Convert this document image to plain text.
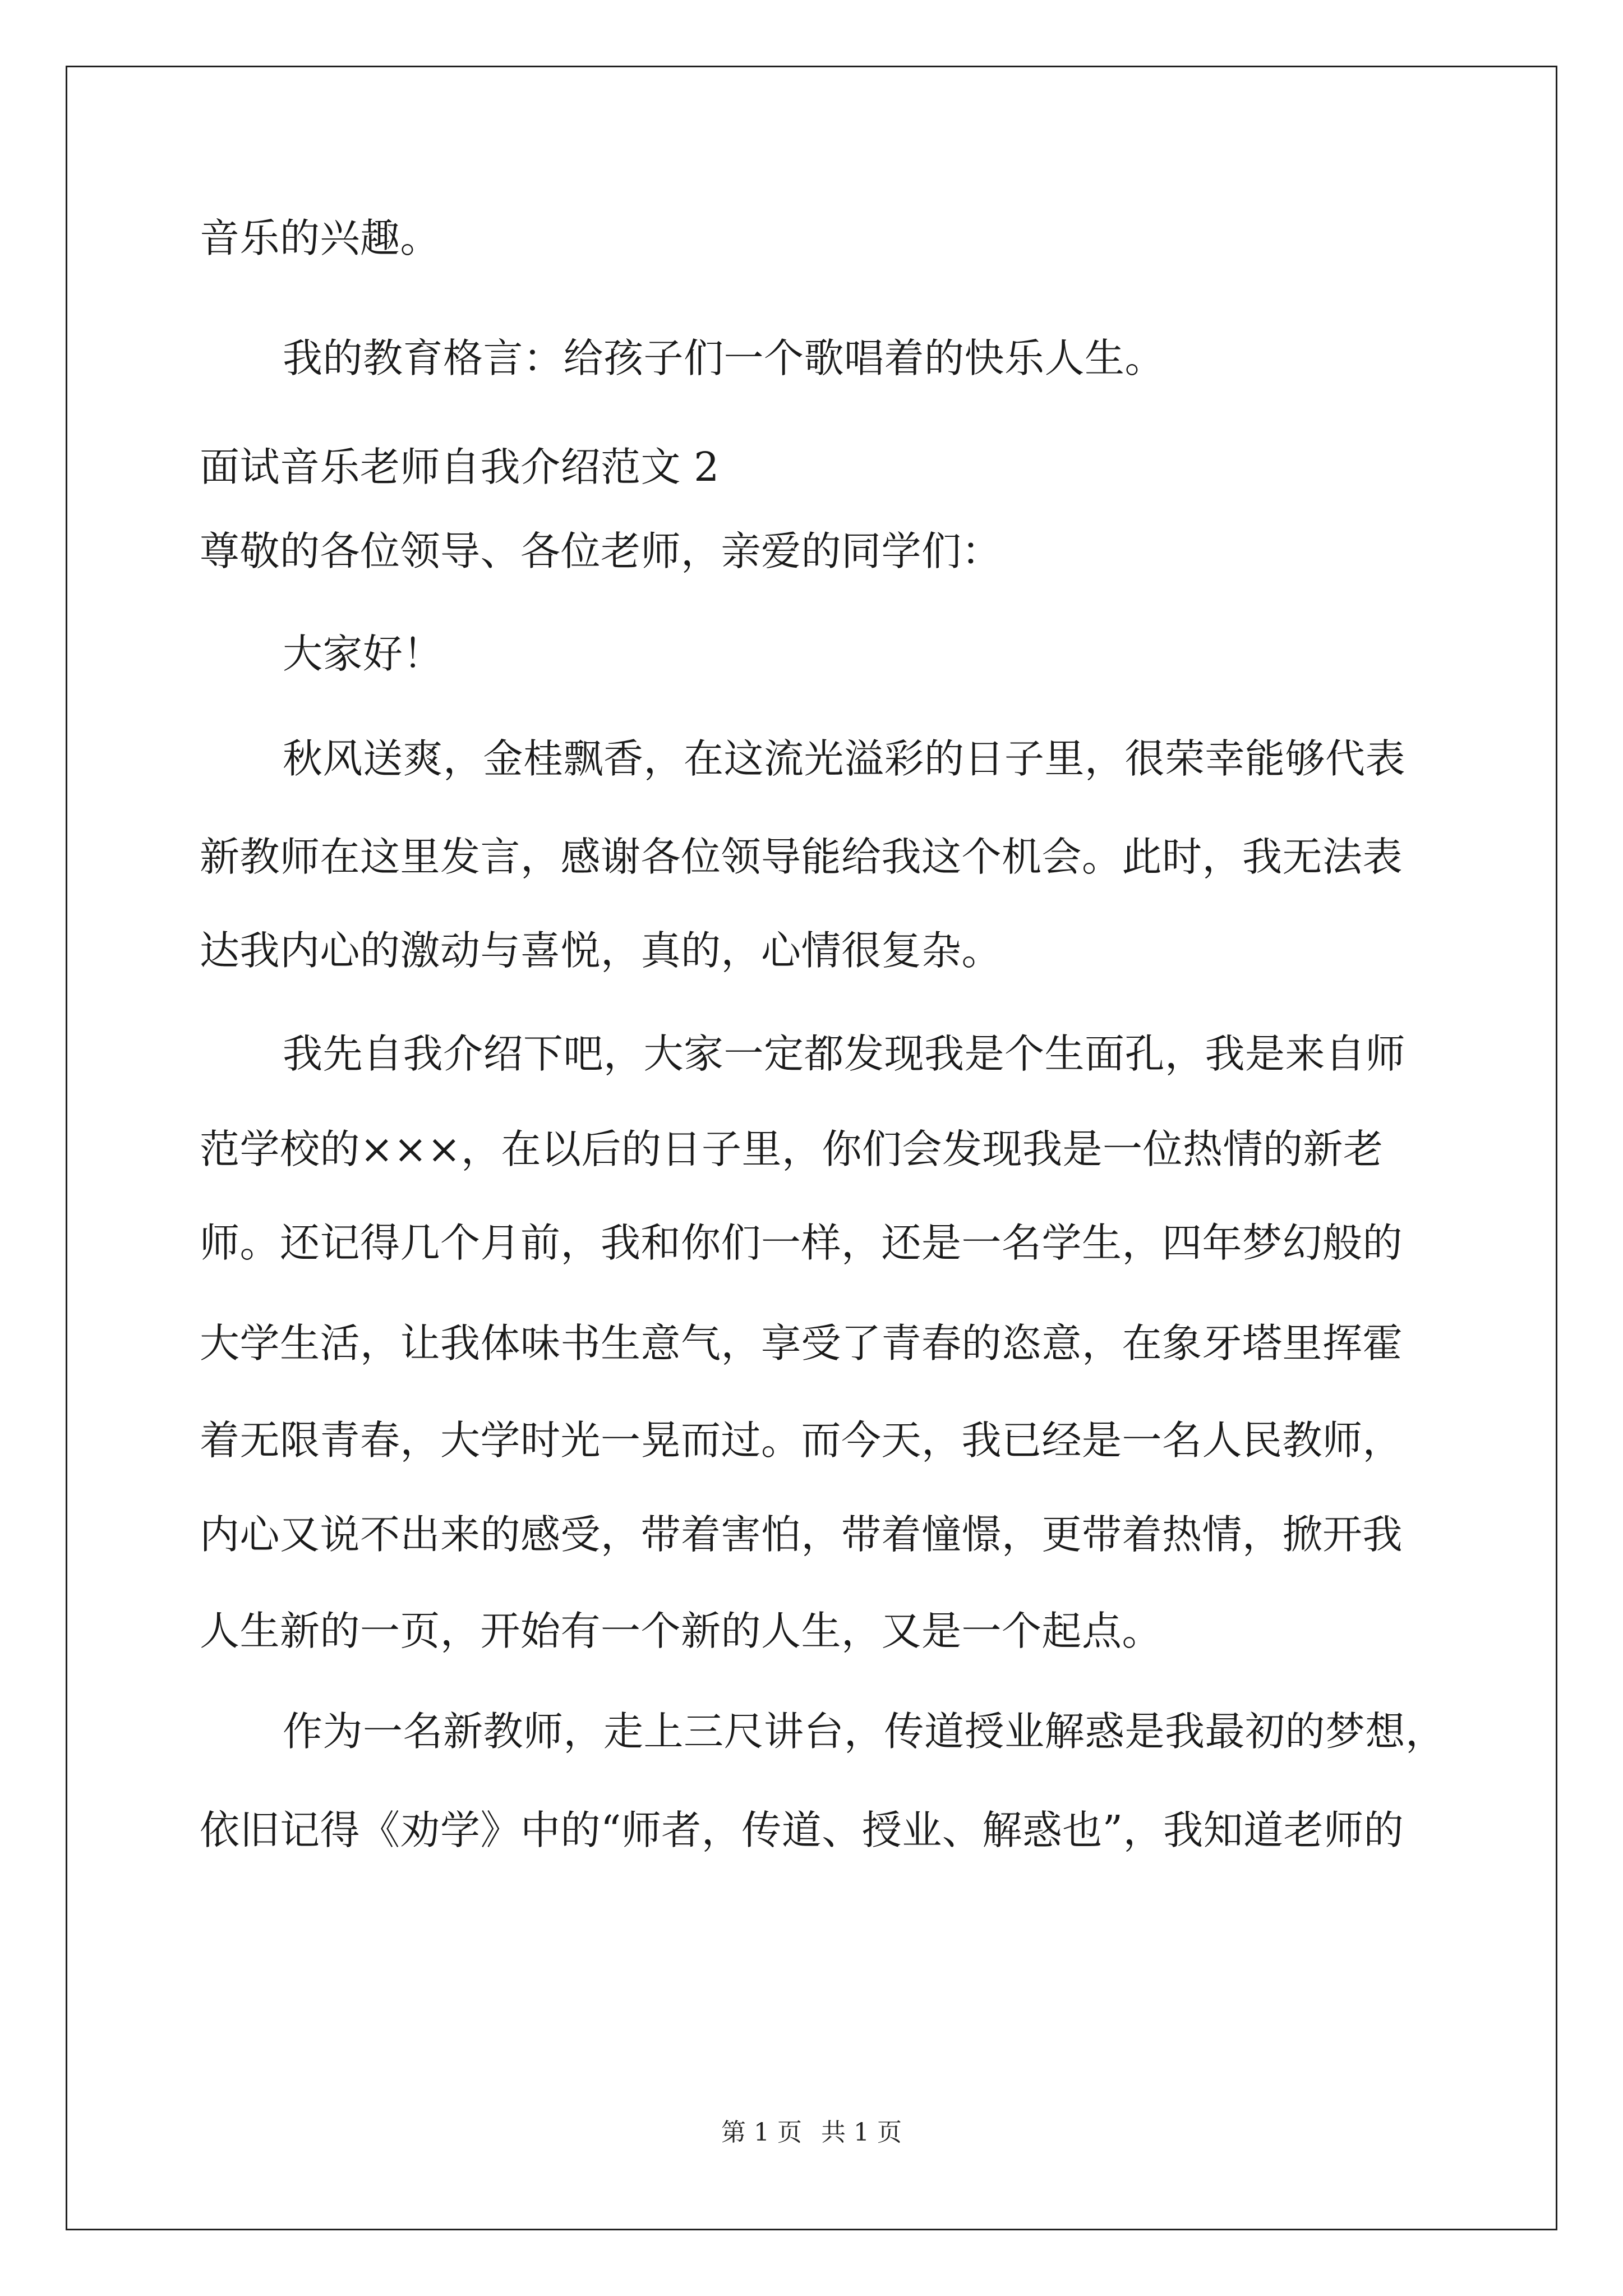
音乐的兴趣。
我的教育格言：给孩子们一个歌唱着的快乐人生。
面试音乐老师自我介绍范文 2
尊敬的各位领导、各位老师，亲爱的同学们：
大家好！
秋风送爽，金桂飘香，在这流光溢彩的日子里，很荣幸能够代表
新教师在这里发言，感谢各位领导能给我这个机会。此时，我无法表
达我内心的激动与喜悦，真的，心情很复杂。
我先自我介绍下吧，大家一定都发现我是个生面孔，我是来自师
范学校的×××，在以后的日子里，你们会发现我是一位热情的新老
师。还记得几个月前，我和你们一样，还是一名学生，四年梦幻般的
大学生活，让我体味书生意气，享受了青春的恣意，在象牙塔里挥霍
着无限青春，大学时光一晃而过。而今天，我已经是一名人民教师，
内心又说不出来的感受，带着害怕，带着憧憬，更带着热情，掀开我
人生新的一页，开始有一个新的人生，又是一个起点。
作为一名新教师，走上三尺讲台，传道授业解惑是我最初的梦想，
依旧记得《劝学》中的“师者，传道、授业、解惑也”，我知道老师的
第 1 页 共 1 页
